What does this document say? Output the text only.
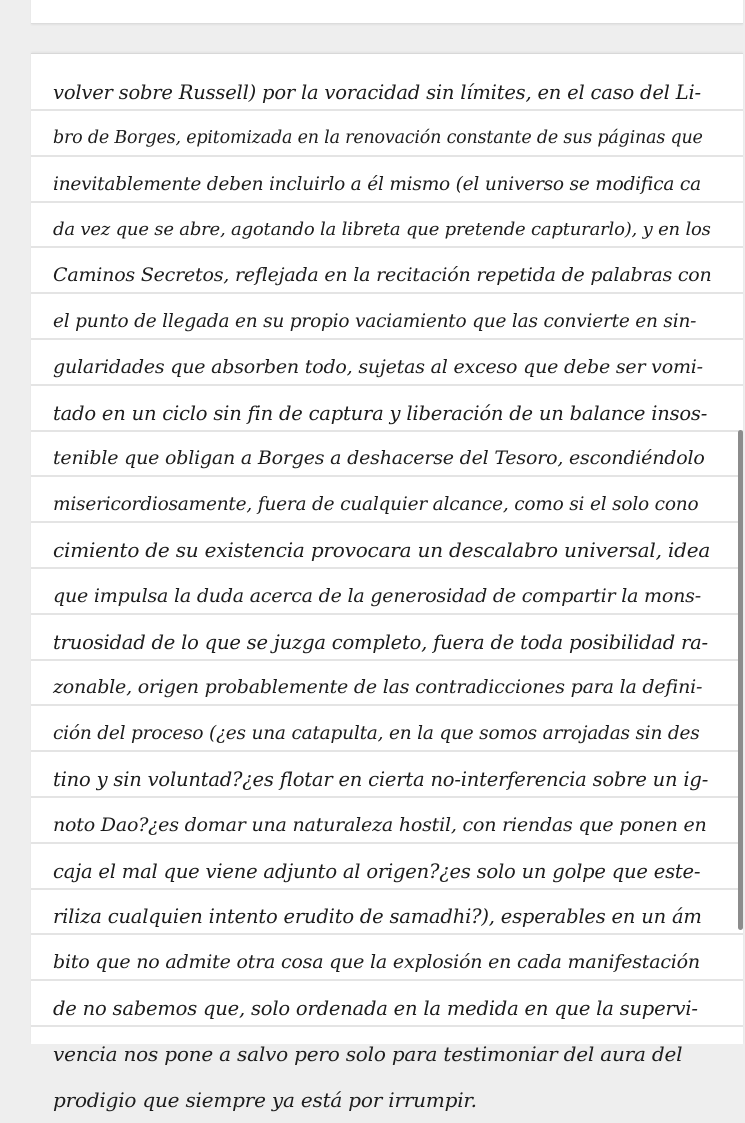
volver sobre Russell) por la voracidad sin límites, en el caso del Li-
bro de Borges, epitomizada en la renovación constante de sus páginas que
inevitablemente deben incluirlo a él mismo (el universo se modifica ca
da vez que se abre, agotando la libreta que pretende capturarlo), y en los
Caminos Secretos, reflejada en la recitación repetida de palabras con
el punto de llegada en su propio vaciamiento que las convierte en sin-
gularidades que absorben todo, sujetas al exceso que debe ser vomi-
tado en un ciclo sin fin de captura y liberación de un balance insos-
tenible que obligan a Borges a deshacerse del Tesoro, escondiéndolo
misericordiosamente, fuera de cualquier alcance, como si el solo cono
cimiento de su existencia provocara un descalabro universal, idea
que impulsa la duda acerca de la generosidad de compartir la mons-
truosidad de lo que se juzga completo, fuera de toda posibilidad ra-
zonable, origen probablemente de las contradicciones para la defini-
ción del proceso (¿es una catapulta, en la que somos arrojadas sin des
tino y sin voluntad?¿es flotar en cierta no-interferencia sobre un ig-
noto Dao?¿es domar una naturaleza hostil, con riendas que ponen en
caja el mal que viene adjunto al origen?¿es solo un golpe que este-
riliza cualquien intento erudito de samadhi?), esperables en un ám
bito que no admite otra cosa que la explosión en cada manifestación
de no sabemos que, solo ordenada en la medida en que la supervi-
vencia nos pone a salvo pero solo para testimoniar del aura del
prodigio que siempre ya está por irrumpir.
